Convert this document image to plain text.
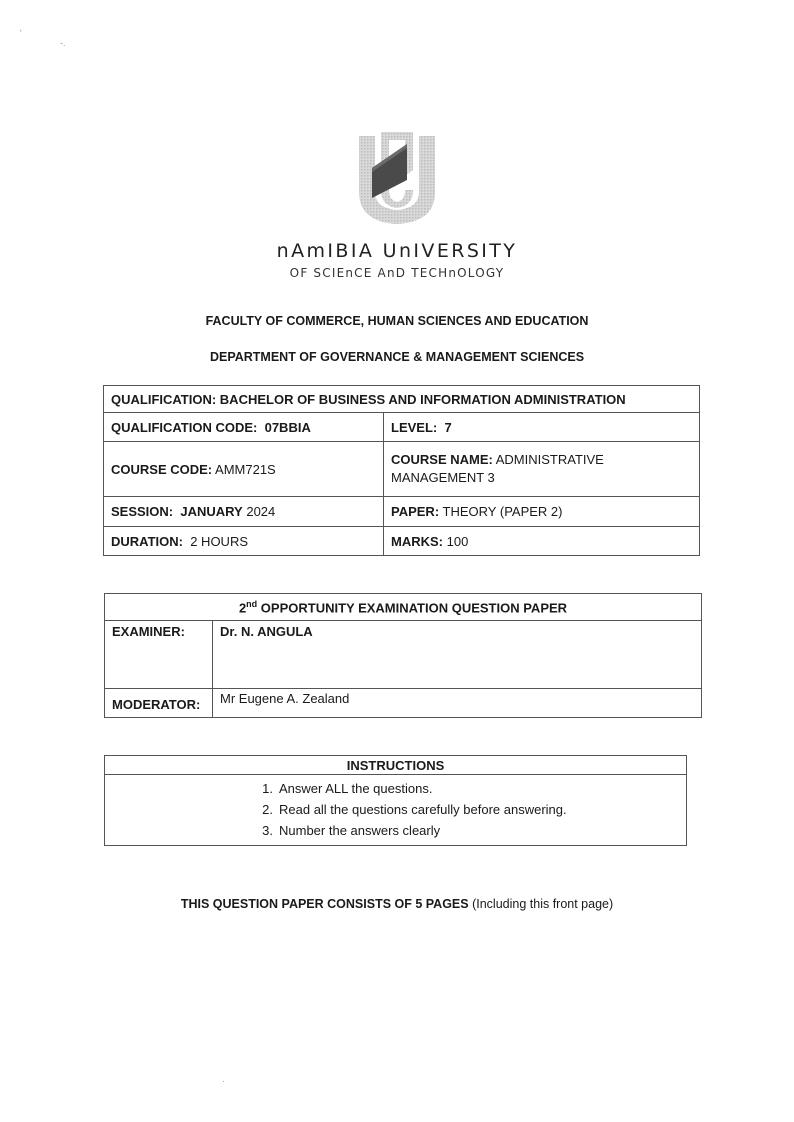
′
‐.
nAmIBIA UnIVERSITY
OF SCIEnCE AnD TECHnOLOGY
FACULTY OF COMMERCE, HUMAN SCIENCES AND EDUCATION
DEPARTMENT OF GOVERNANCE & MANAGEMENT SCIENCES
QUALIFICATION: BACHELOR OF BUSINESS AND INFORMATION ADMINISTRATION	
QUALIFICATION CODE: 07BBIA	LEVEL: 7
COURSE CODE: AMM721S	COURSE NAME: ADMINISTRATIVE MANAGEMENT 3
SESSION: JANUARY 2024	PAPER: THEORY (PAPER 2)
DURATION: 2 HOURS	MARKS: 100
2nd OPPORTUNITY EXAMINATION QUESTION PAPER	
EXAMINER:	Dr. N. ANGULA
MODERATOR:	Mr Eugene A. Zealand
INSTRUCTIONS

1. Answer ALL the questions.
2. Read all the questions carefully before answering.
3. Number the answers clearly
THIS QUESTION PAPER CONSISTS OF 5 PAGES (Including this front page)
·
